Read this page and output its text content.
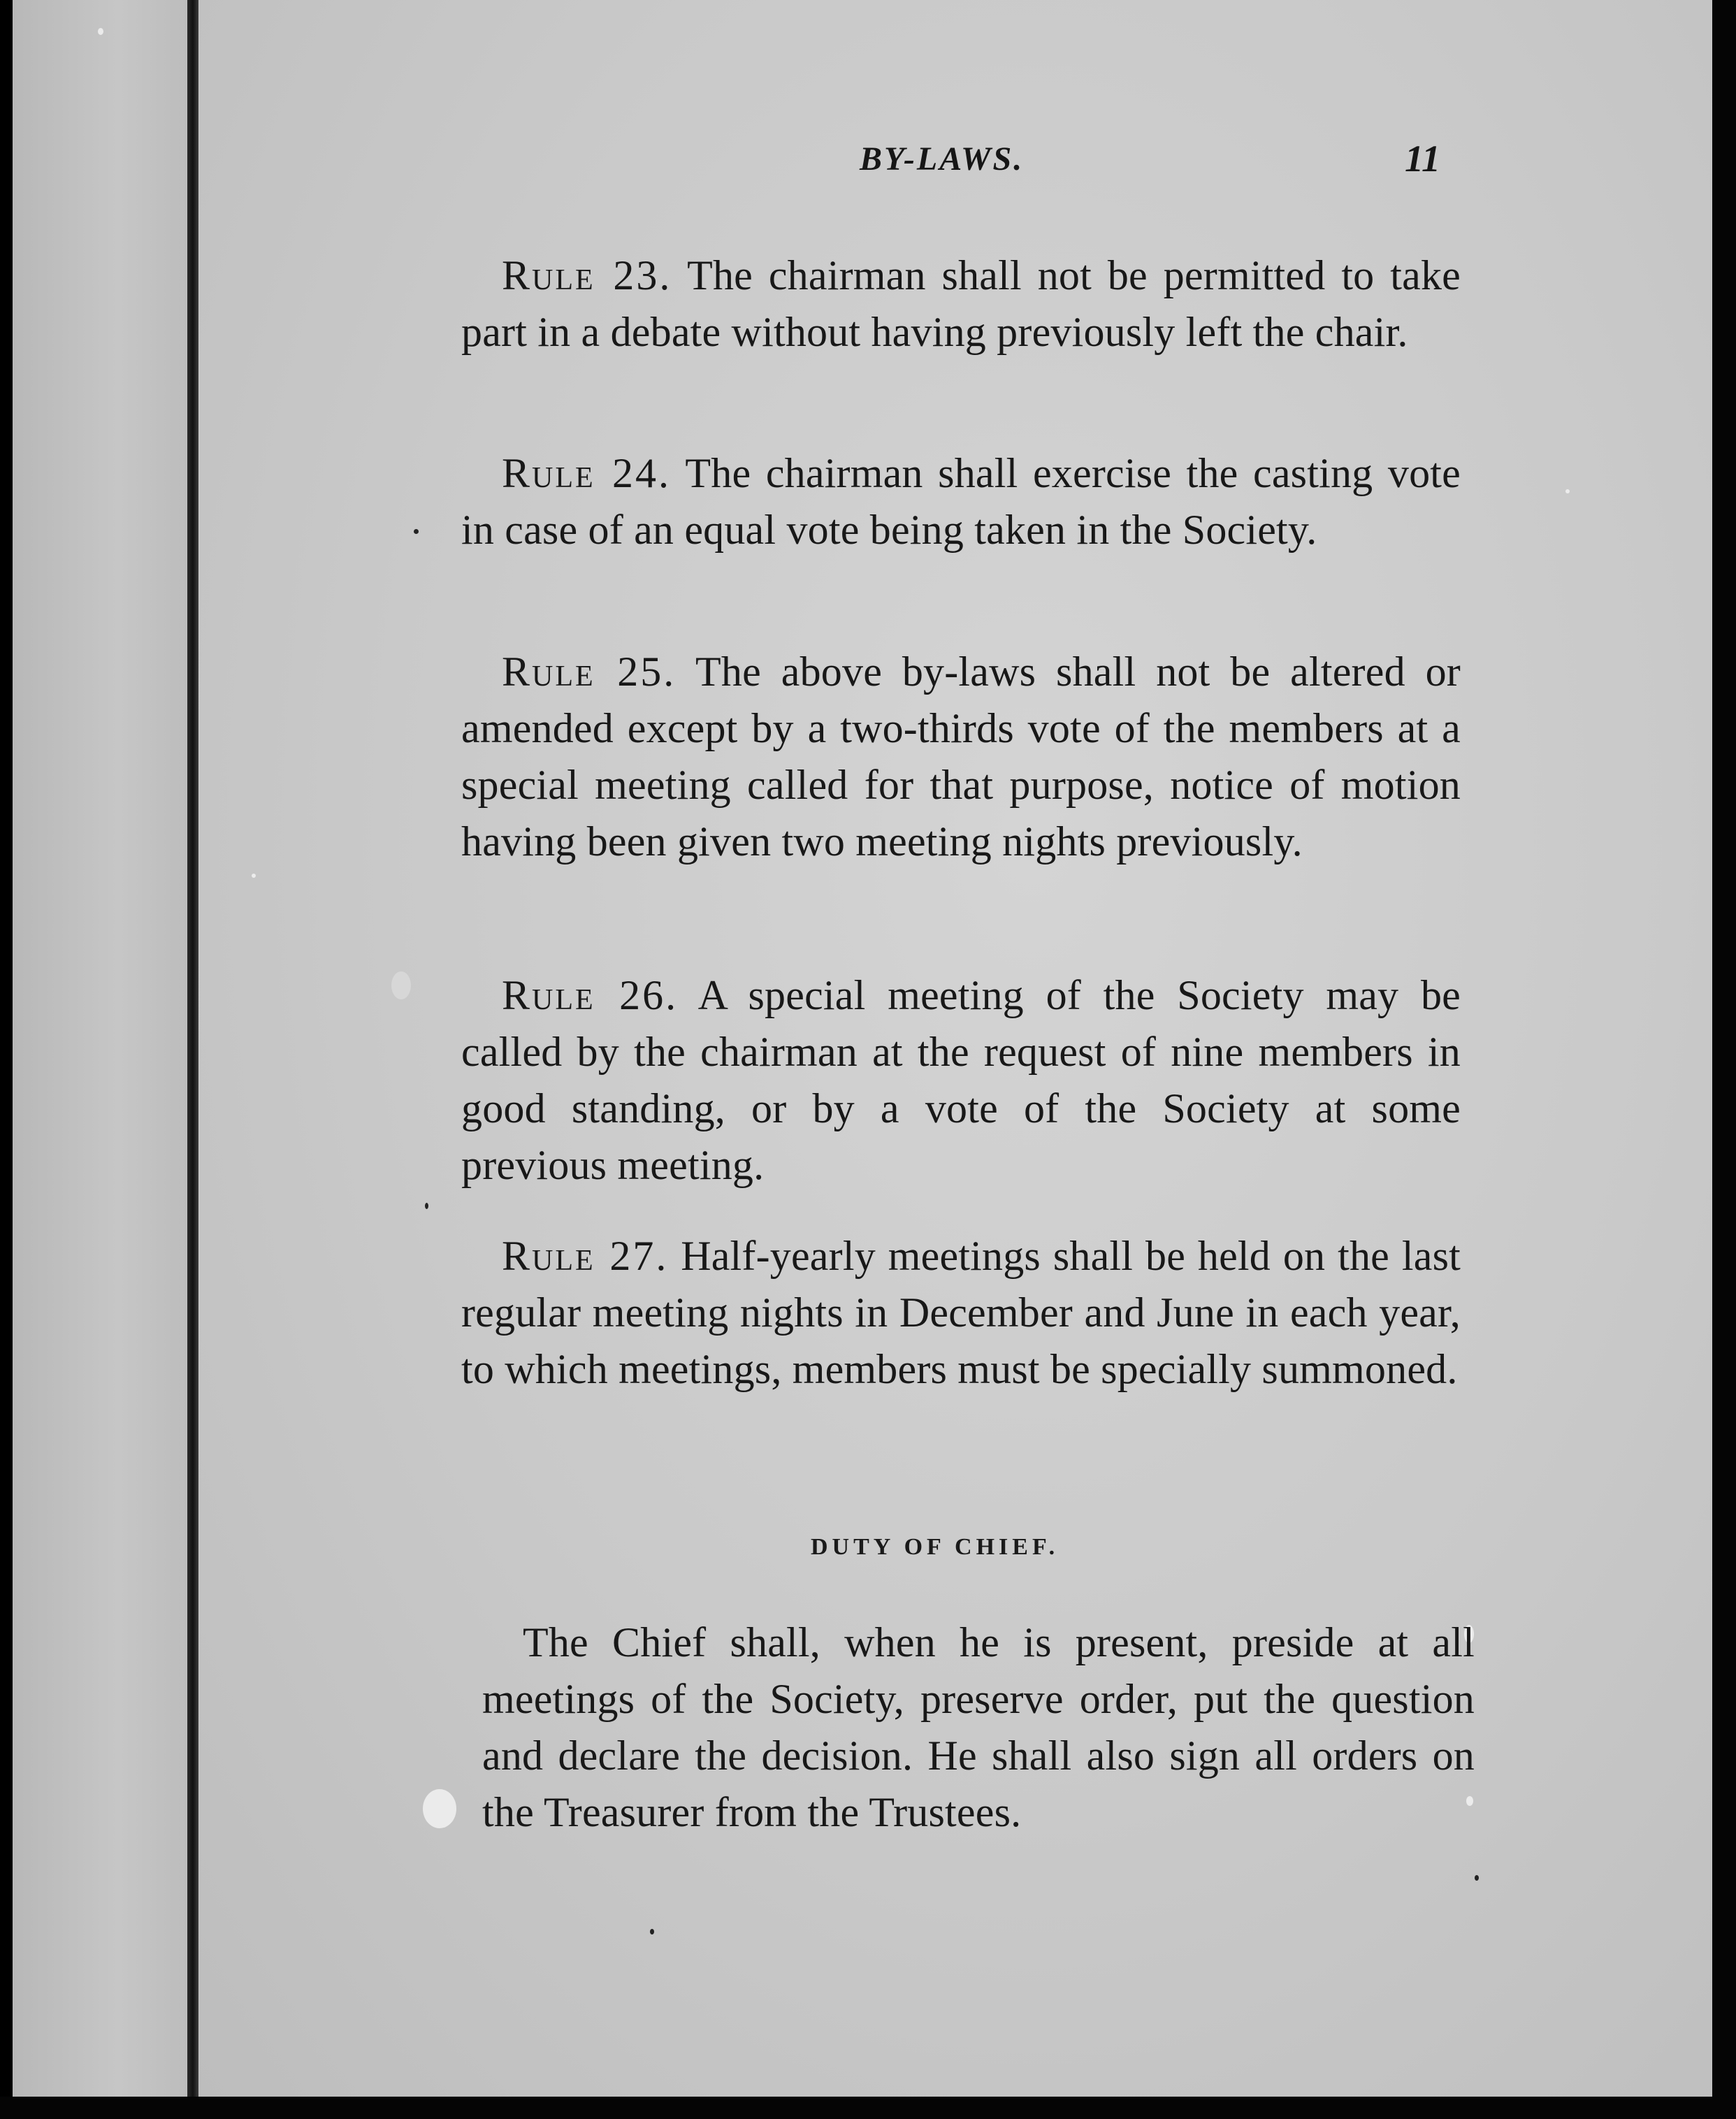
BY-LAWS.	11

Rule 23. The chairman shall not be permitted to take part in a debate without having previously left the chair.

Rule 24. The chairman shall exercise the casting vote in case of an equal vote being taken in the Society.

Rule 25. The above by-laws shall not be altered or amended except by a two-thirds vote of the members at a special meeting called for that purpose, notice of motion having been given two meeting nights previously.

Rule 26. A special meeting of the Society may be called by the chairman at the request of nine members in good standing, or by a vote of the Society at some previous meeting.

Rule 27. Half-yearly meetings shall be held on the last regular meeting nights in December and June in each year, to which meetings, members must be specially summoned.

DUTY OF CHIEF.

The Chief shall, when he is present, preside at all meetings of the Society, preserve order, put the question and declare the decision. He shall also sign all orders on the Treasurer from the Trustees.
